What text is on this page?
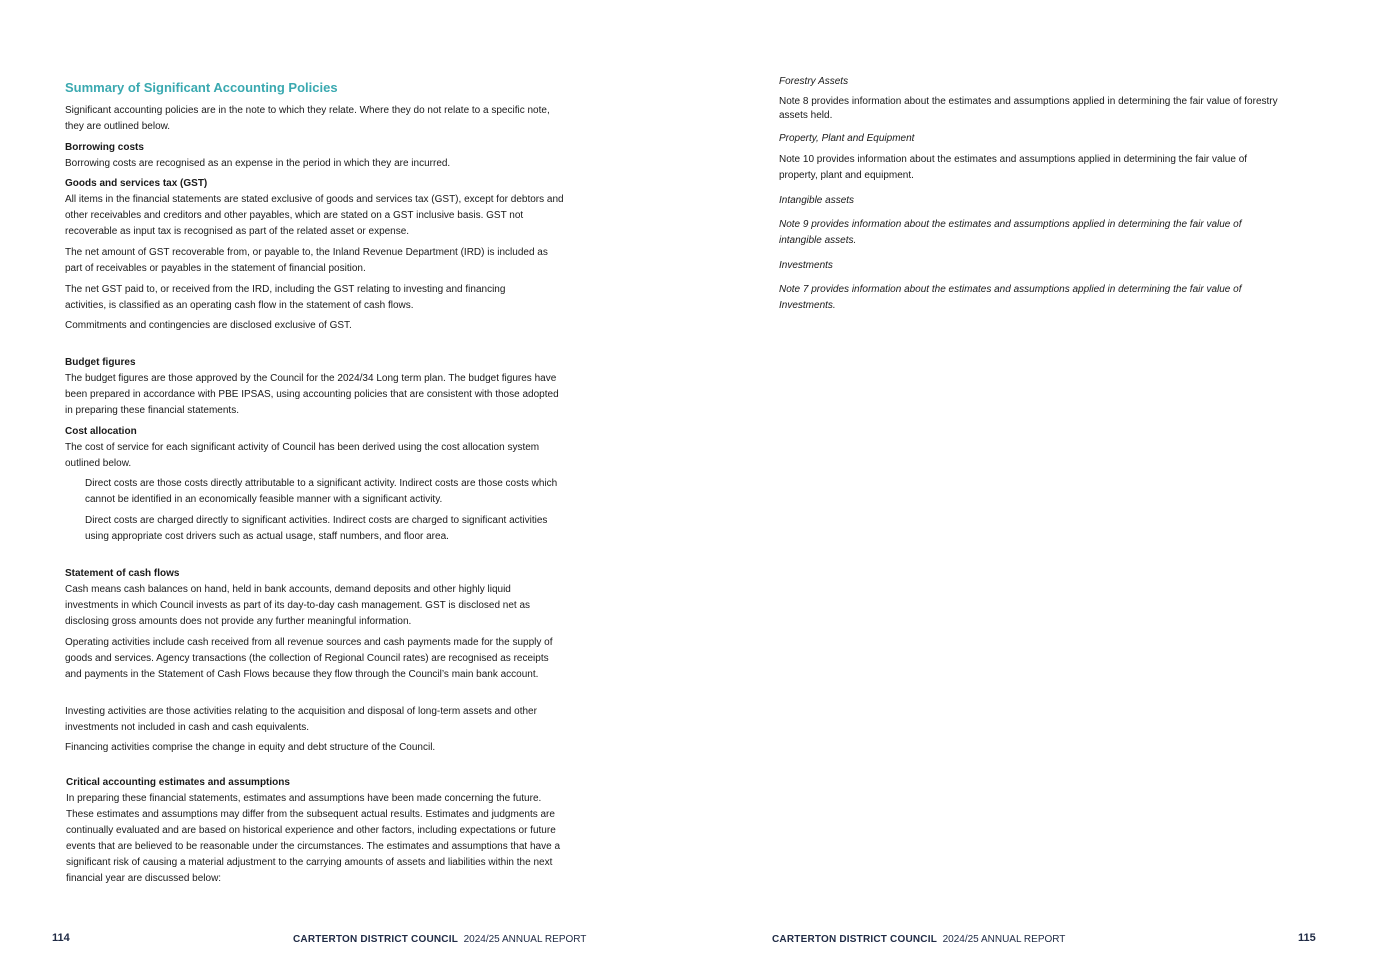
Summary of Significant Accounting Policies

Significant accounting policies are in the note to which they relate. Where they do not relate to a specific note, they are outlined below.

Borrowing costs

Borrowing costs are recognised as an expense in the period in which they are incurred.

Goods and services tax (GST)

All items in the financial statements are stated exclusive of goods and services tax (GST), except for debtors and other receivables and creditors and other payables, which are stated on a GST inclusive basis. GST not recoverable as input tax is recognised as part of the related asset or expense.

The net amount of GST recoverable from, or payable to, the Inland Revenue Department (IRD) is included as part of receivables or payables in the statement of financial position.

The net GST paid to, or received from the IRD, including the GST relating to investing and financing activities, is classified as an operating cash flow in the statement of cash flows.

Commitments and contingencies are disclosed exclusive of GST.

Budget figures

The budget figures are those approved by the Council for the 2024/34 Long term plan. The budget figures have been prepared in accordance with PBE IPSAS, using accounting policies that are consistent with those adopted in preparing these financial statements.

Cost allocation

The cost of service for each significant activity of Council has been derived using the cost allocation system outlined below.

Direct costs are those costs directly attributable to a significant activity. Indirect costs are those costs which cannot be identified in an economically feasible manner with a significant activity.

Direct costs are charged directly to significant activities. Indirect costs are charged to significant activities using appropriate cost drivers such as actual usage, staff numbers, and floor area.

Statement of cash flows

Cash means cash balances on hand, held in bank accounts, demand deposits and other highly liquid investments in which Council invests as part of its day-to-day cash management. GST is disclosed net as disclosing gross amounts does not provide any further meaningful information.

Operating activities include cash received from all revenue sources and cash payments made for the supply of goods and services. Agency transactions (the collection of Regional Council rates) are recognised as receipts and payments in the Statement of Cash Flows because they flow through the Council’s main bank account.

Investing activities are those activities relating to the acquisition and disposal of long-term assets and other investments not included in cash and cash equivalents.

Financing activities comprise the change in equity and debt structure of the Council.

Critical accounting estimates and assumptions

In preparing these financial statements, estimates and assumptions have been made concerning the future. These estimates and assumptions may differ from the subsequent actual results. Estimates and judgments are continually evaluated and are based on historical experience and other factors, including expectations or future events that are believed to be reasonable under the circumstances. The estimates and assumptions that have a significant risk of causing a material adjustment to the carrying amounts of assets and liabilities within the next financial year are discussed below:

114	CARTERTON DISTRICT COUNCIL 2024/25 ANNUAL REPORT

Forestry Assets

Note 8 provides information about the estimates and assumptions applied in determining the fair value of forestry assets held.

Property, Plant and Equipment

Note 10 provides information about the estimates and assumptions applied in determining the fair value of property, plant and equipment.

Intangible assets

Note 9 provides information about the estimates and assumptions applied in determining the fair value of intangible assets.

Investments

Note 7 provides information about the estimates and assumptions applied in determining the fair value of Investments.

CARTERTON DISTRICT COUNCIL 2024/25 ANNUAL REPORT	115
